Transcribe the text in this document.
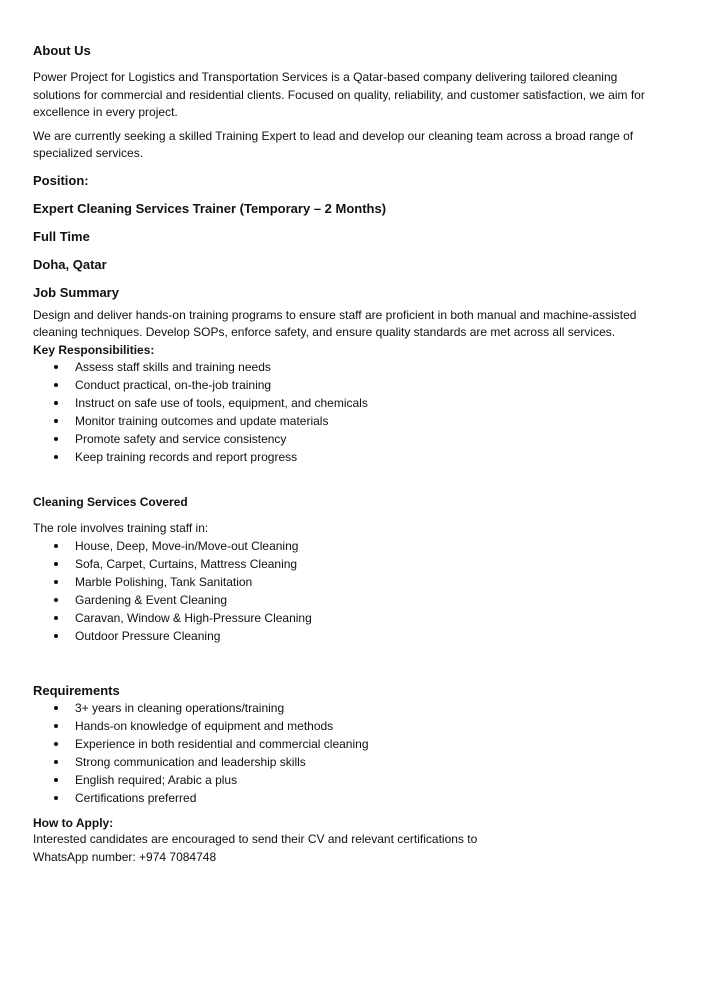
About Us

Power Project for Logistics and Transportation Services is a Qatar-based company delivering tailored cleaning solutions for commercial and residential clients. Focused on quality, reliability, and customer satisfaction, we aim for excellence in every project.

We are currently seeking a skilled Training Expert to lead and develop our cleaning team across a broad range of specialized services.

Position:
Expert Cleaning Services Trainer (Temporary – 2 Months)
Full Time
Doha, Qatar
Job Summary

Design and deliver hands-on training programs to ensure staff are proficient in both manual and machine-assisted cleaning techniques. Develop SOPs, enforce safety, and ensure quality standards are met across all services.

Key Responsibilities:
Assess staff skills and training needs
Conduct practical, on-the-job training
Instruct on safe use of tools, equipment, and chemicals
Monitor training outcomes and update materials
Promote safety and service consistency
Keep training records and report progress
Cleaning Services Covered

The role involves training staff in:

House, Deep, Move-in/Move-out Cleaning
Sofa, Carpet, Curtains, Mattress Cleaning
Marble Polishing, Tank Sanitation
Gardening & Event Cleaning
Caravan, Window & High-Pressure Cleaning
Outdoor Pressure Cleaning
Requirements
3+ years in cleaning operations/training
Hands-on knowledge of equipment and methods
Experience in both residential and commercial cleaning
Strong communication and leadership skills
English required; Arabic a plus
Certifications preferred
How to Apply:

Interested candidates are encouraged to send their CV and relevant certifications to

WhatsApp number: +974 7084748
